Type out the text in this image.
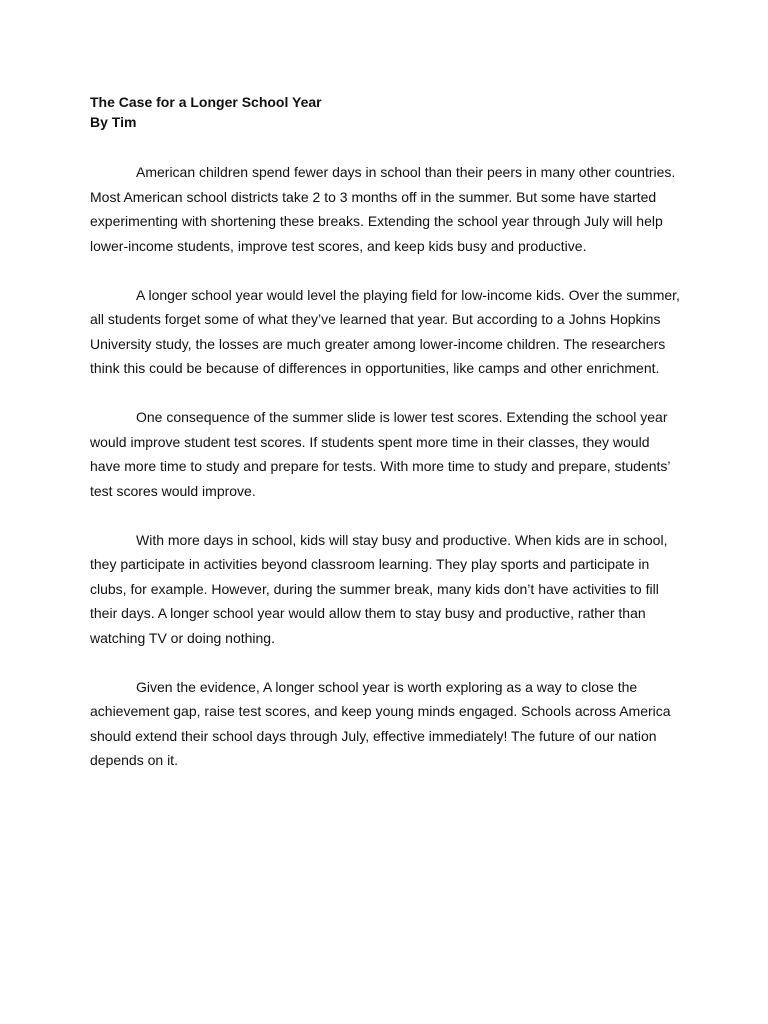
The Case for a Longer School Year

By Tim

American children spend fewer days in school than their peers in many other countries. Most American school districts take 2 to 3 months off in the summer. But some have started experimenting with shortening these breaks. Extending the school year through July will help lower-income students, improve test scores, and keep kids busy and productive.

A longer school year would level the playing field for low-income kids. Over the summer, all students forget some of what they’ve learned that year. But according to a Johns Hopkins University study, the losses are much greater among lower-income children. The researchers think this could be because of differences in opportunities, like camps and other enrichment.

One consequence of the summer slide is lower test scores. Extending the school year would improve student test scores. If students spent more time in their classes, they would have more time to study and prepare for tests. With more time to study and prepare, students’ test scores would improve.

With more days in school, kids will stay busy and productive. When kids are in school, they participate in activities beyond classroom learning. They play sports and participate in clubs, for example. However, during the summer break, many kids don’t have activities to fill their days. A longer school year would allow them to stay busy and productive, rather than watching TV or doing nothing.

Given the evidence, A longer school year is worth exploring as a way to close the achievement gap, raise test scores, and keep young minds engaged. Schools across America should extend their school days through July, effective immediately! The future of our nation depends on it.
